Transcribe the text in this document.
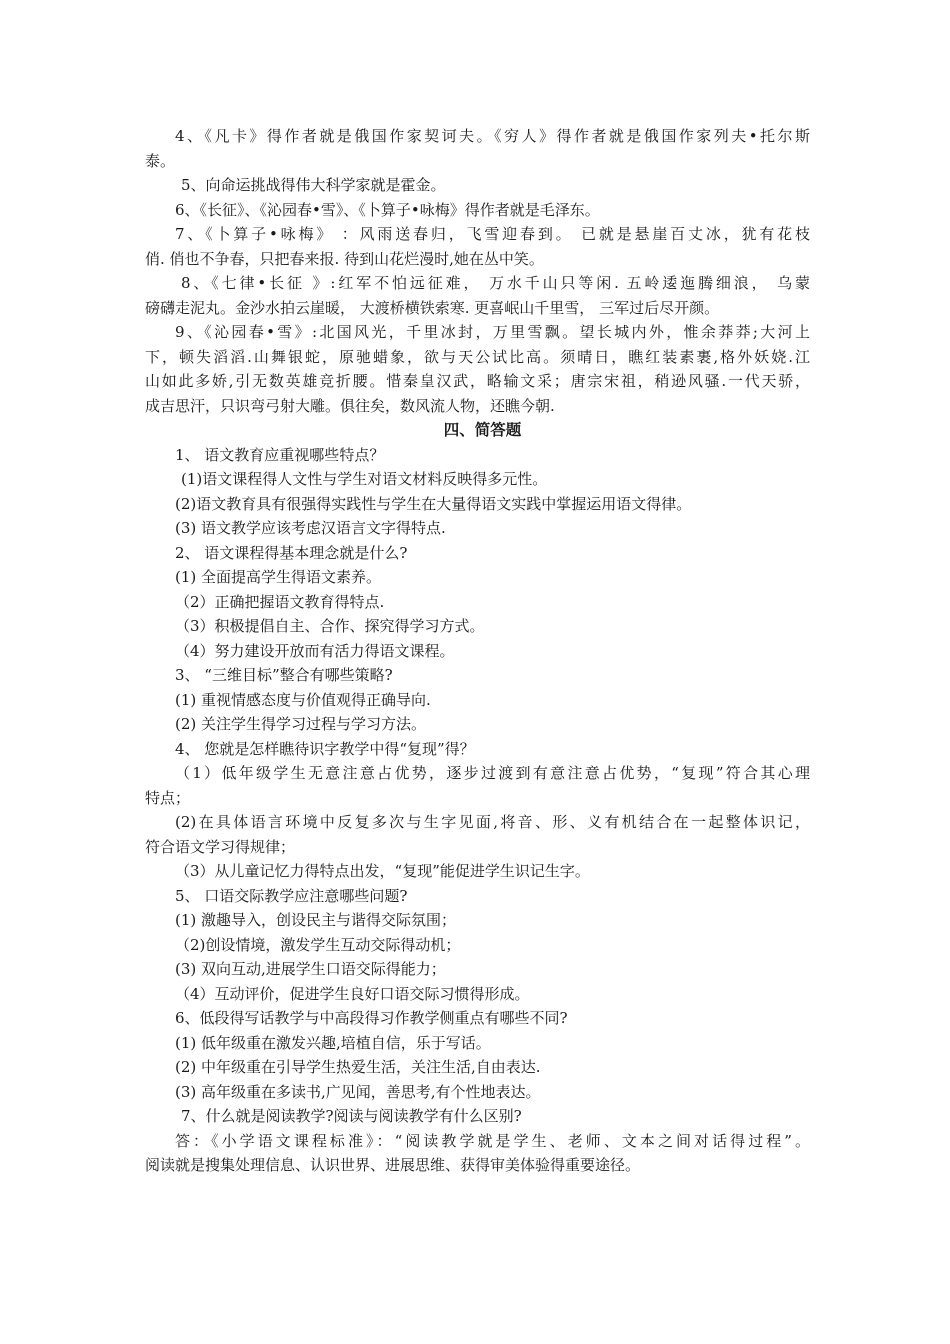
4、《凡卡》得作者就是俄国作家契诃夫。《穷人》得作者就是俄国作家列夫•托尔斯
泰。
5、向命运挑战得伟大科学家就是霍金。
6、《长征》、《沁园春•雪》、《卜算子•咏梅》得作者就是毛泽东。
7、《卜算子•咏梅》 ：风雨送春归，飞雪迎春到。 已就是悬崖百丈冰，犹有花枝
俏. 俏也不争春，只把春来报. 待到山花烂漫时,她在丛中笑。
8、《七律•长征 》:红军不怕远征难， 万水千山只等闲. 五岭逶迤腾细浪， 乌蒙
磅礴走泥丸。金沙水拍云崖暖， 大渡桥横铁索寒. 更喜岷山千里雪， 三军过后尽开颜。
9、《沁园春•雪》:北国风光，千里冰封，万里雪飘。望长城内外，惟余莽莽;大河上
下，顿失滔滔.山舞银蛇，原驰蜡象，欲与天公试比高。须晴日，瞧红装素裹,格外妖娆.江
山如此多娇,引无数英雄竞折腰。惜秦皇汉武，略输文采；唐宗宋祖，稍逊风骚.一代天骄，
成吉思汗，只识弯弓射大雕。俱往矣，数风流人物，还瞧今朝.
四、简答题
1、 语文教育应重视哪些特点？
(1)语文课程得人文性与学生对语文材料反映得多元性。
(2)语文教育具有很强得实践性与学生在大量得语文实践中掌握运用语文得律。
(3) 语文教学应该考虑汉语言文字得特点.
2、 语文课程得基本理念就是什么?
(1) 全面提高学生得语文素养。
（2）正确把握语文教育得特点.
（3）积极提倡自主、合作、探究得学习方式。
（4）努力建设开放而有活力得语文课程。
3、 “三维目标”整合有哪些策略?
(1) 重视情感态度与价值观得正确导向.
(2) 关注学生得学习过程与学习方法。
4、 您就是怎样瞧待识字教学中得“复现”得？
（1）低年级学生无意注意占优势，逐步过渡到有意注意占优势，“复现”符合其心理
特点；
(2)在具体语言环境中反复多次与生字见面,将音、形、义有机结合在一起整体识记，
符合语文学习得规律；
（3）从儿童记忆力得特点出发，“复现”能促进学生识记生字。
5、 口语交际教学应注意哪些问题?
(1) 激趣导入，创设民主与谐得交际氛围；
（2)创设情境，激发学生互动交际得动机；
(3) 双向互动,进展学生口语交际得能力；
（4）互动评价，促进学生良好口语交际习惯得形成。
6、低段得写话教学与中高段得习作教学侧重点有哪些不同?
(1) 低年级重在激发兴趣,培植自信，乐于写话。
(2) 中年级重在引导学生热爱生活，关注生活,自由表达.
(3) 高年级重在多读书,广见闻，善思考,有个性地表达。
7、什么就是阅读教学?阅读与阅读教学有什么区别?
答：《小学语文课程标准》：“阅读教学就是学生、老师、文本之间对话得过程”。
阅读就是搜集处理信息、认识世界、进展思维、获得审美体验得重要途径。
